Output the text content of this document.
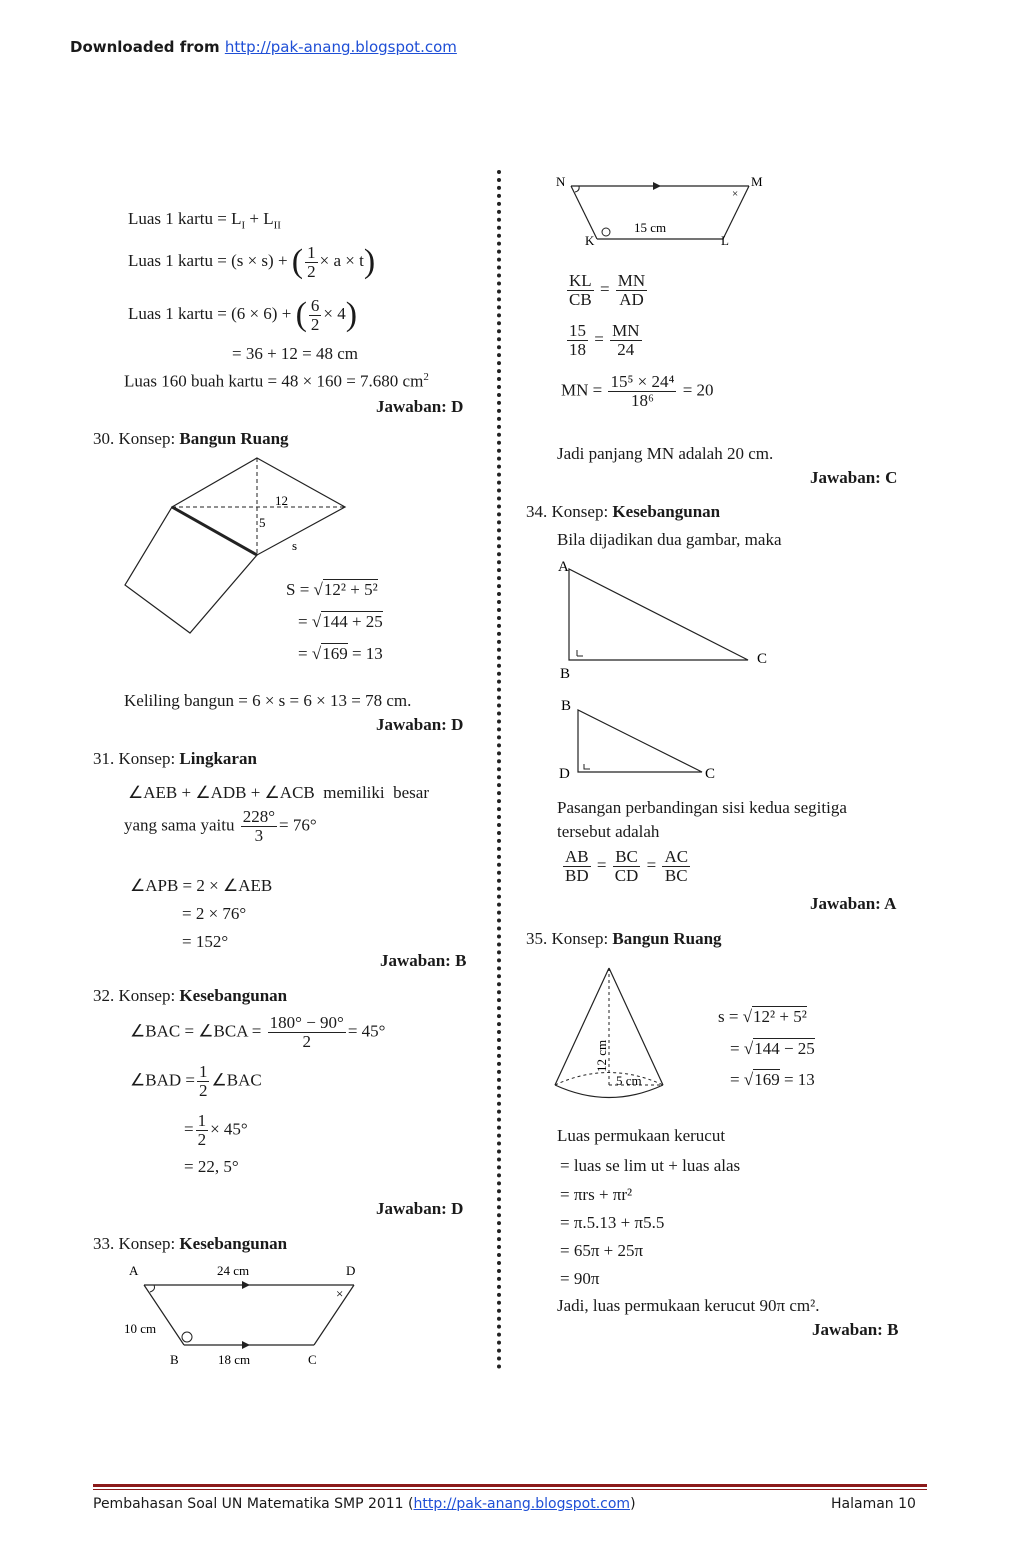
Downloaded from http://pak-anang.blogspot.com
Luas 1 kartu = $L_I + L_{II}$
Luas 1 kartu = (s × s) + ( $\frac{1}{2} \times a \times t$)
Luas 1 kartu = (6 × 6) + ( $\frac{6}{2} \times 4$)
= 36 + 12 = 48 cm
Luas 160 buah kartu = 48 × 160 = 7.680 $cm^2$
Jawaban: D
30. Konsep: Bangun Ruang
12
5
s
S = √12² + 5²
= √144 + 25
= √169 = 13
Keliling bangun = 6 × s = 6 × 13 = 78 cm.
Jawaban: D
31. Konsep: Lingkaran
∠AEB + ∠ADB + ∠ACB  memiliki  besar
yang sama yaitu $\frac{228^\circ}{3} = 76^\circ$
∠APB = 2 × ∠AEB
= 2 × 76°
= 152°
Jawaban: B
32. Konsep: Kesebangunan
∠BAC = ∠BCA = $\frac{180^\circ - 90^\circ}{2} = 45^\circ$
∠BAD = $\frac{1}{2}$ ∠BAC
= $\frac{1}{2} \times 45^\circ$
= 22, 5°
Jawaban: D
33. Konsep: Kesebangunan
×
A	D
B	C
24 cm
10 cm
18 cm
×
N	M
K	L
15 cm
$\frac{KL}{CB} = \frac{MN}{AD}$
$\frac{15}{18} = \frac{MN}{24}$
MN = $\frac{\text{15⁵ × 24⁴}}{\text{18⁶}} = 20$
Jadi panjang MN adalah 20 cm.
Jawaban: C
34. Konsep: Kesebangunan
Bila dijadikan dua gambar, maka
A
B
C
B
D	C
Pasangan perbandingan sisi kedua segitiga
tersebut adalah
$\frac{AB}{BD} = \frac{BC}{CD} = \frac{AC}{BC}$
Jawaban: A
35. Konsep: Bangun Ruang
12 cm
5 cm
s = √12² + 5²
= √144 − 25
= √169 = 13
Luas permukaan kerucut
= luas se lim ut + luas alas
= πrs + πr²
= π.5.13 + π5.5
= 65π + 25π
= 90π
Jadi, luas permukaan kerucut 90π cm².
Jawaban: B
Pembahasan Soal UN Matematika SMP 2011 (http://pak-anang.blogspot.com)	Halaman 10
